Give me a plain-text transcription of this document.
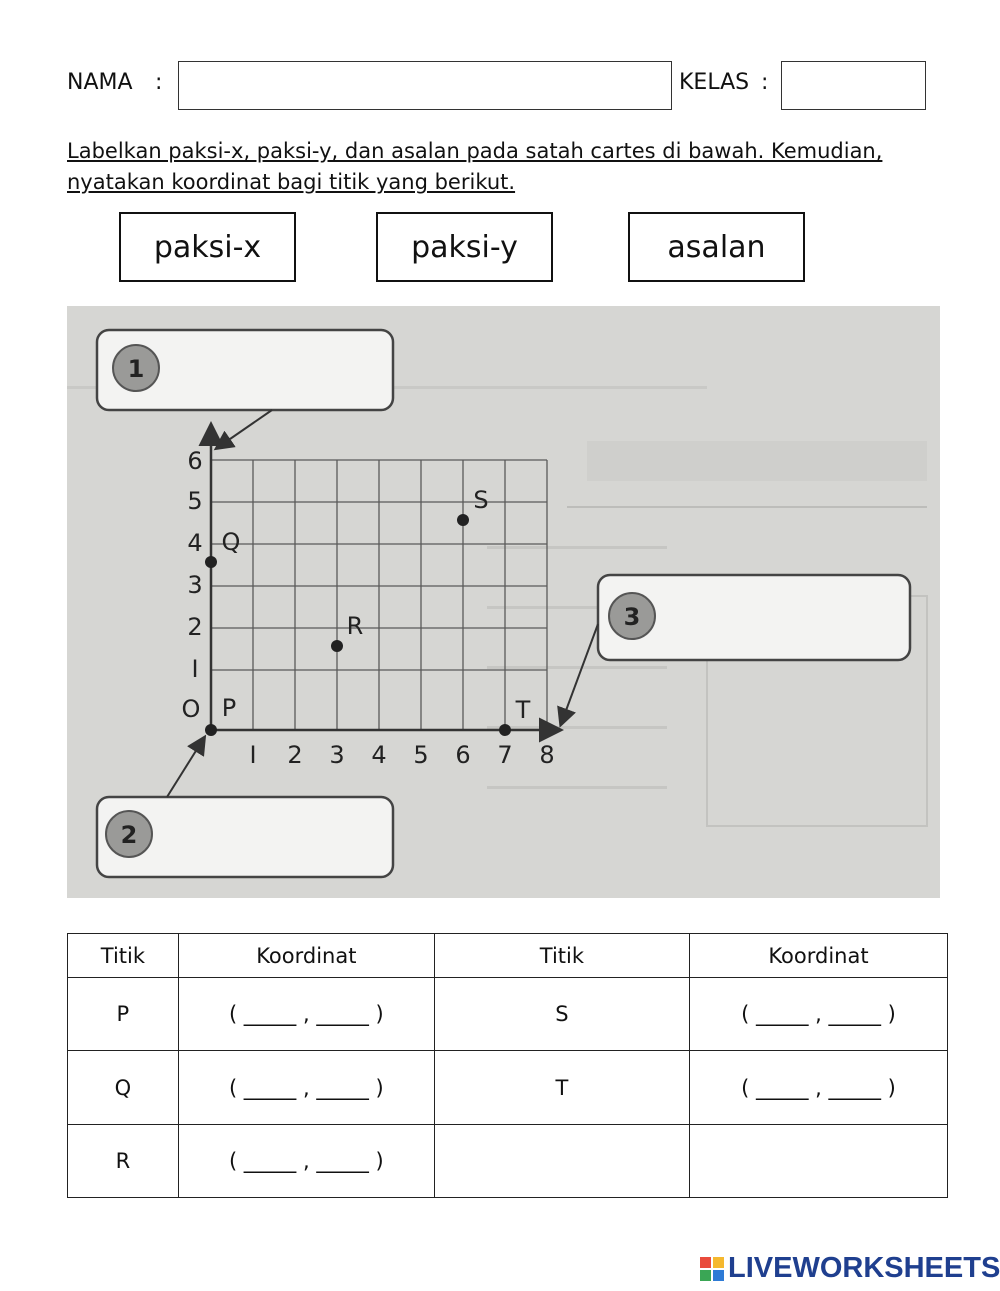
NAMA :	KELAS :
Labelkan paksi-x, paksi-y, dan asalan pada satah cartes di bawah. Kemudian, nyatakan koordinat bagi titik yang berikut.
paksi-x	paksi-y	asalan
I 2 3 4 5 6 7 8
I
2
3
4
5
6
O P
Q
R
S
T
1
2
3
Titik	Koordinat	Titik	Koordinat
P	( _____ , _____ )	S	( _____ , _____ )
Q	( _____ , _____ )	T	( _____ , _____ )
R	( _____ , _____ )		
LIVEWORKSHEETS
